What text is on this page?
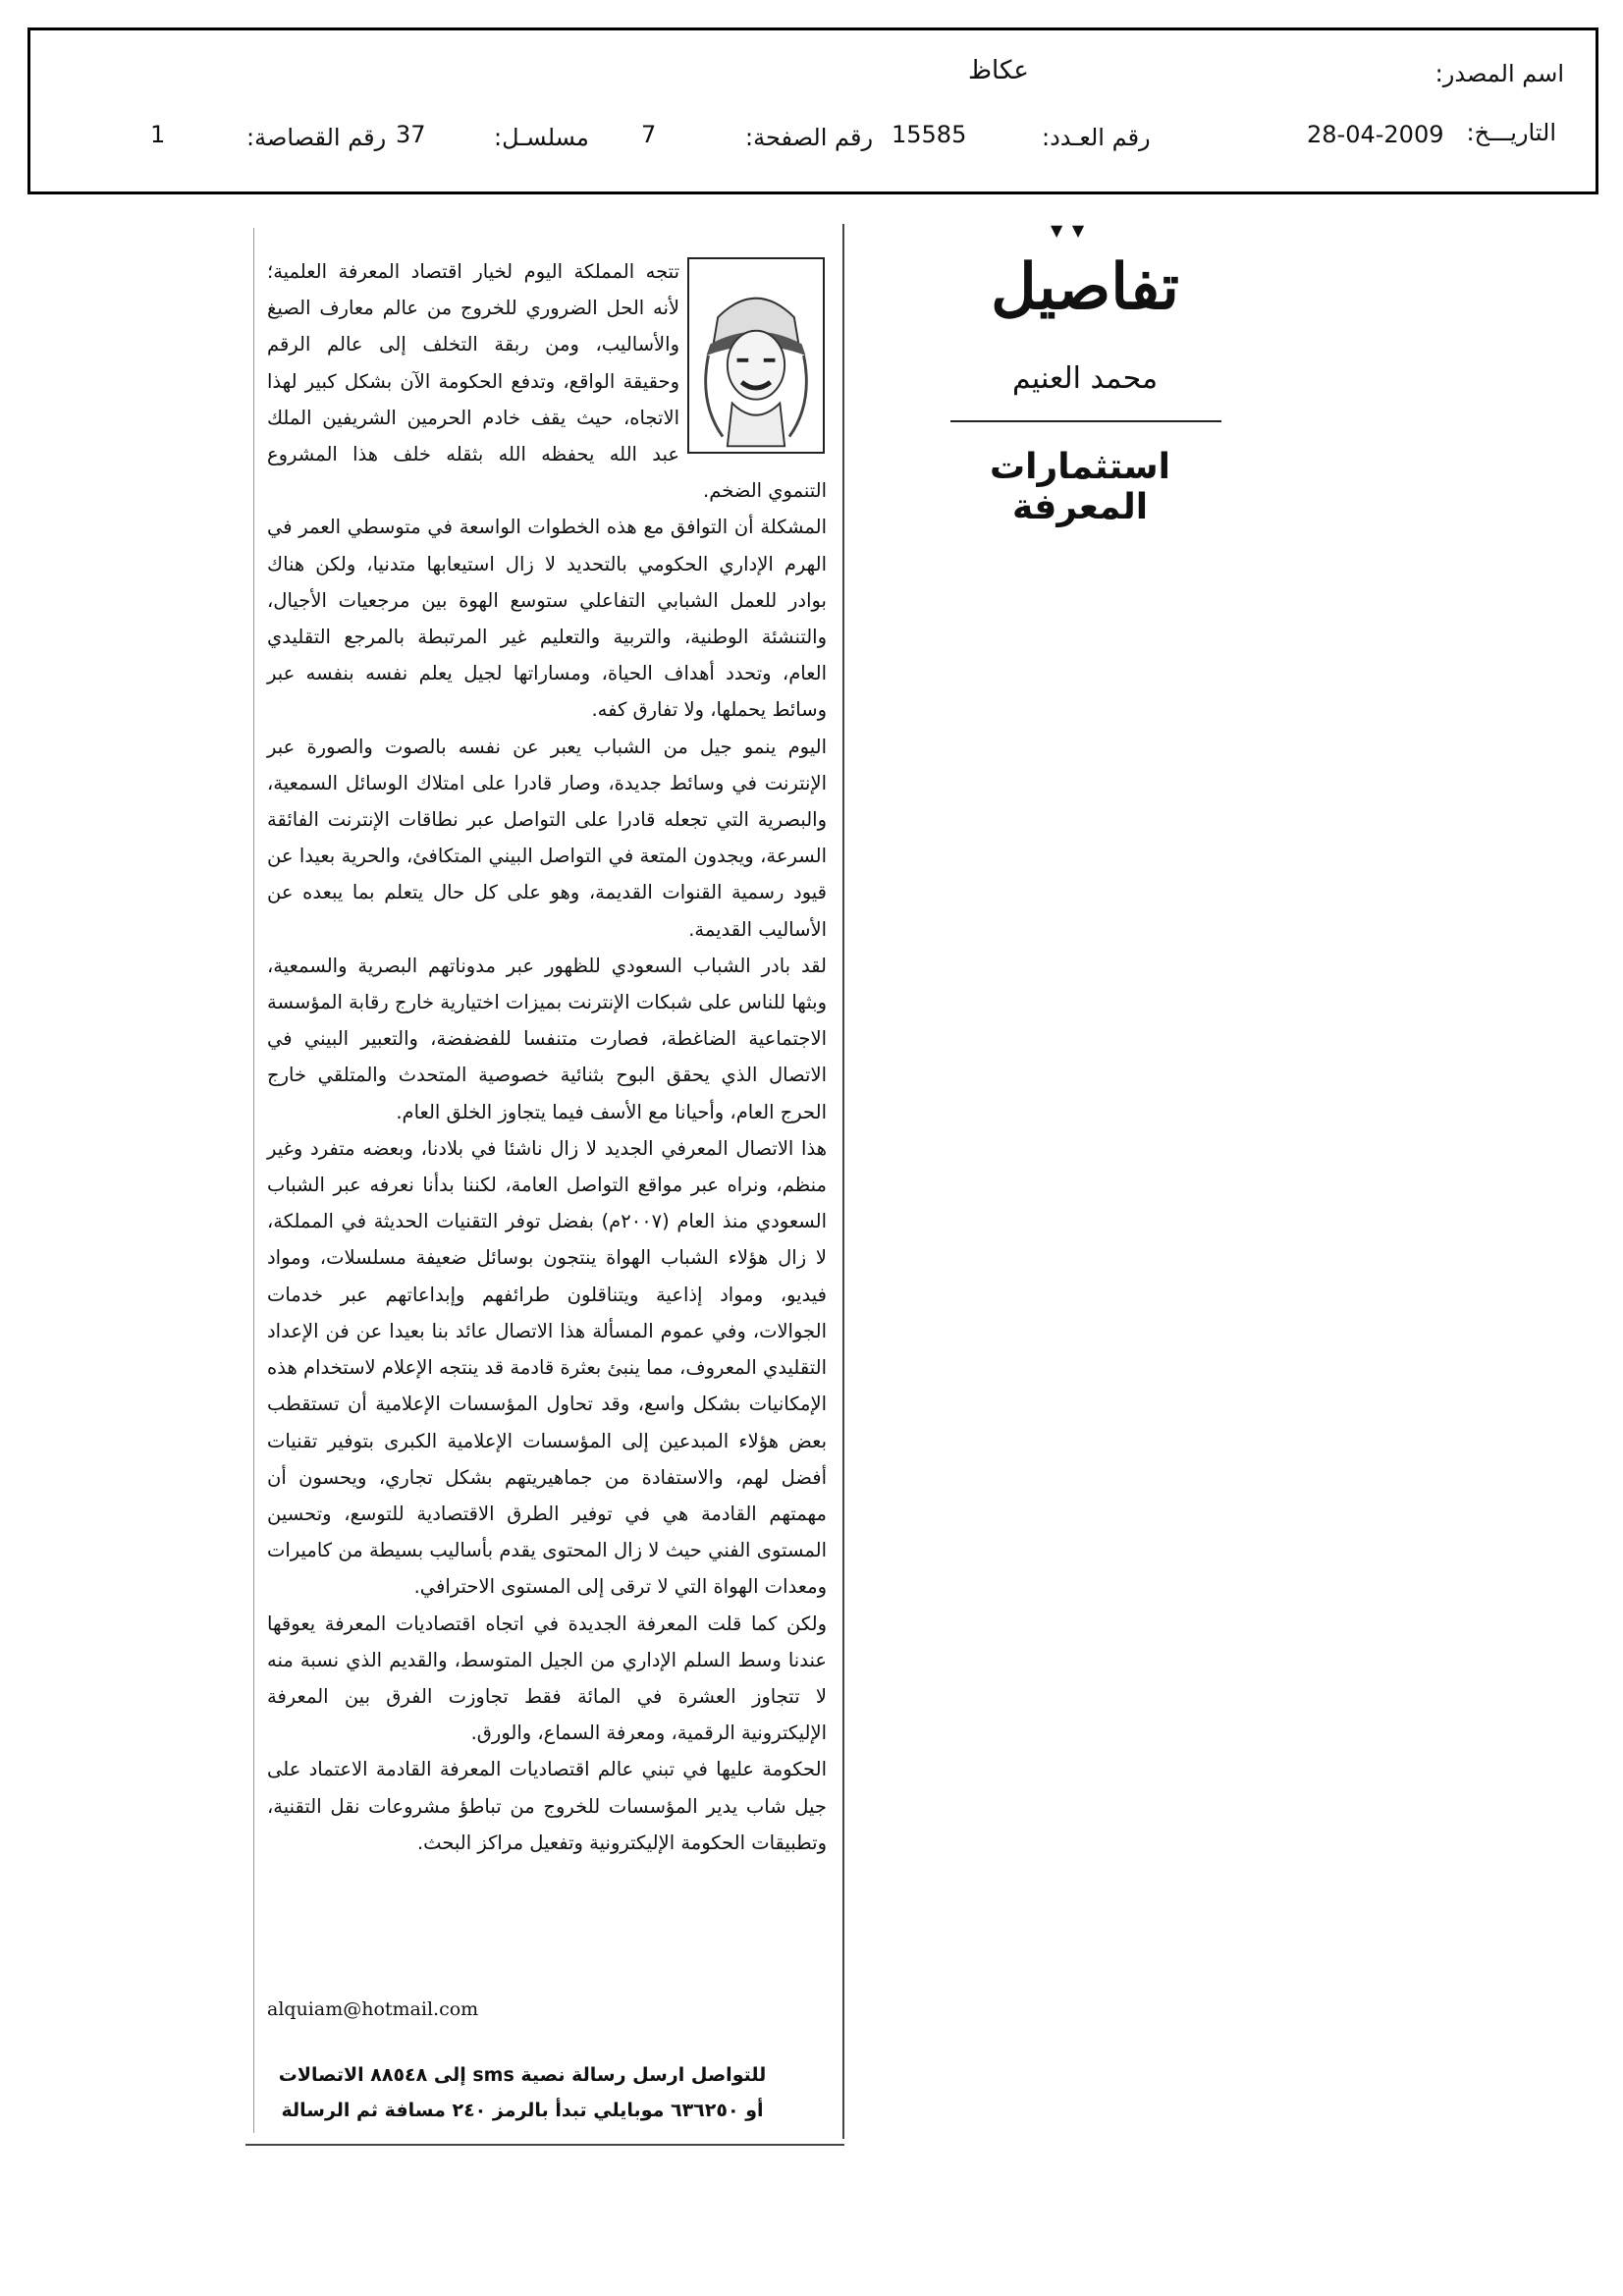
اسم المصدر:
عكاظ
التاريـــخ:
28-04-2009
رقم العـدد:
15585
رقم الصفحة:
7
مسلسـل:
37
رقم القصاصة:
1
▼ ▼
تفاصيل
محمد العنيم
استثمارات المعرفة

تتجه المملكة اليوم لخيار اقتصاد المعرفة العلمية؛ لأنه الحل الضروري للخروج من عالم معارف الصيغ والأساليب، ومن ربقة التخلف إلى عالم الرقم وحقيقة الواقع، وتدفع الحكومة الآن بشكل كبير لهذا الاتجاه، حيث يقف خادم الحرمين الشريفين الملك عبد الله يحفظه الله بثقله خلف هذا المشروع التنموي الضخم.

المشكلة أن التوافق مع هذه الخطوات الواسعة في متوسطي العمر في الهرم الإداري الحكومي بالتحديد لا زال استيعابها متدنيا، ولكن هناك بوادر للعمل الشبابي التفاعلي ستوسع الهوة بين مرجعيات الأجيال، والتنشئة الوطنية، والتربية والتعليم غير المرتبطة بالمرجع التقليدي العام، وتحدد أهداف الحياة، ومساراتها لجيل يعلم نفسه بنفسه عبر وسائط يحملها، ولا تفارق كفه.

اليوم ينمو جيل من الشباب يعبر عن نفسه بالصوت والصورة عبر الإنترنت في وسائط جديدة، وصار قادرا على امتلاك الوسائل السمعية، والبصرية التي تجعله قادرا على التواصل عبر نطاقات الإنترنت الفائقة السرعة، ويجدون المتعة في التواصل البيني المتكافئ، والحرية بعيدا عن قيود رسمية القنوات القديمة، وهو على كل حال يتعلم بما يبعده عن الأساليب القديمة.

لقد بادر الشباب السعودي للظهور عبر مدوناتهم البصرية والسمعية، وبثها للناس على شبكات الإنترنت بميزات اختيارية خارج رقابة المؤسسة الاجتماعية الضاغطة، فصارت متنفسا للفضفضة، والتعبير البيني في الاتصال الذي يحقق البوح بثنائية خصوصية المتحدث والمتلقي خارج الحرج العام، وأحيانا مع الأسف فيما يتجاوز الخلق العام.

هذا الاتصال المعرفي الجديد لا زال ناشئا في بلادنا، وبعضه متفرد وغير منظم، ونراه عبر مواقع التواصل العامة، لكننا بدأنا نعرفه عبر الشباب السعودي منذ العام (٢٠٠٧م) بفضل توفر التقنيات الحديثة في المملكة، لا زال هؤلاء الشباب الهواة ينتجون بوسائل ضعيفة مسلسلات، ومواد فيديو، ومواد إذاعية ويتناقلون طرائفهم وإبداعاتهم عبر خدمات الجوالات، وفي عموم المسألة هذا الاتصال عائد بنا بعيدا عن فن الإعداد التقليدي المعروف، مما ينبئ بعثرة قادمة قد ينتجه الإعلام لاستخدام هذه الإمكانيات بشكل واسع، وقد تحاول المؤسسات الإعلامية أن تستقطب بعض هؤلاء المبدعين إلى المؤسسات الإعلامية الكبرى بتوفير تقنيات أفضل لهم، والاستفادة من جماهيريتهم بشكل تجاري، ويحسون أن مهمتهم القادمة هي في توفير الطرق الاقتصادية للتوسع، وتحسين المستوى الفني حيث لا زال المحتوى يقدم بأساليب بسيطة من كاميرات ومعدات الهواة التي لا ترقى إلى المستوى الاحترافي.

ولكن كما قلت المعرفة الجديدة في اتجاه اقتصاديات المعرفة يعوقها عندنا وسط السلم الإداري من الجيل المتوسط، والقديم الذي نسبة منه لا تتجاوز العشرة في المائة فقط تجاوزت الفرق بين المعرفة الإليكترونية الرقمية، ومعرفة السماع، والورق.

الحكومة عليها في تبني عالم اقتصاديات المعرفة القادمة الاعتماد على جيل شاب يدير المؤسسات للخروج من تباطؤ مشروعات نقل التقنية، وتطبيقات الحكومة الإليكترونية وتفعيل مراكز البحث.

alquiam@hotmail.com
للتواصل ارسل رسالة نصية sms إلى ٨٨٥٤٨ الاتصالات
أو ٦٣٦٢٥٠ موبايلي تبدأ بالرمز ٢٤٠ مسافة ثم الرسالة
